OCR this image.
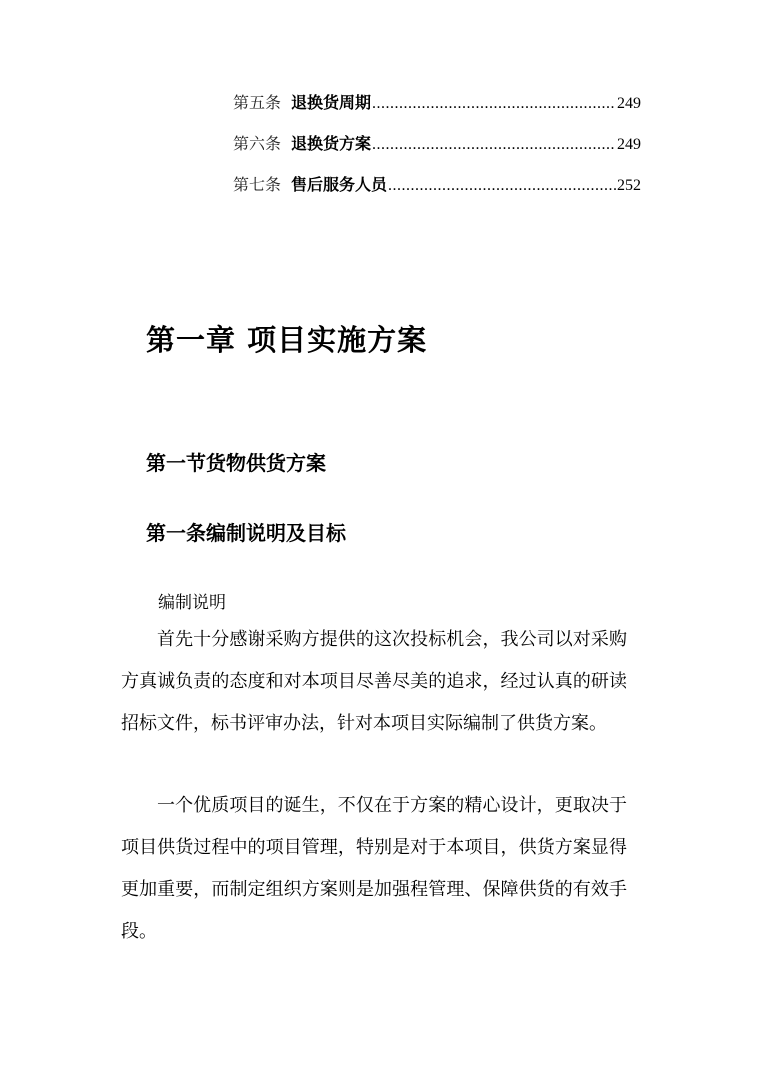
第五条 退换货周期 .....	249
第六条 退换货方案 .....	249
第七条 售后服务人员 .....	252
第一章 项目实施方案
第一节货物供货方案
第一条编制说明及目标
编制说明

首先十分感谢采购方提供的这次投标机会，我公司以对采购方真诚负责的态度和对本项目尽善尽美的追求，经过认真的研读招标文件，标书评审办法，针对本项目实际编制了供货方案。

一个优质项目的诞生，不仅在于方案的精心设计，更取决于项目供货过程中的项目管理，特别是对于本项目，供货方案显得更加重要，而制定组织方案则是加强程管理、保障供货的有效手段。
